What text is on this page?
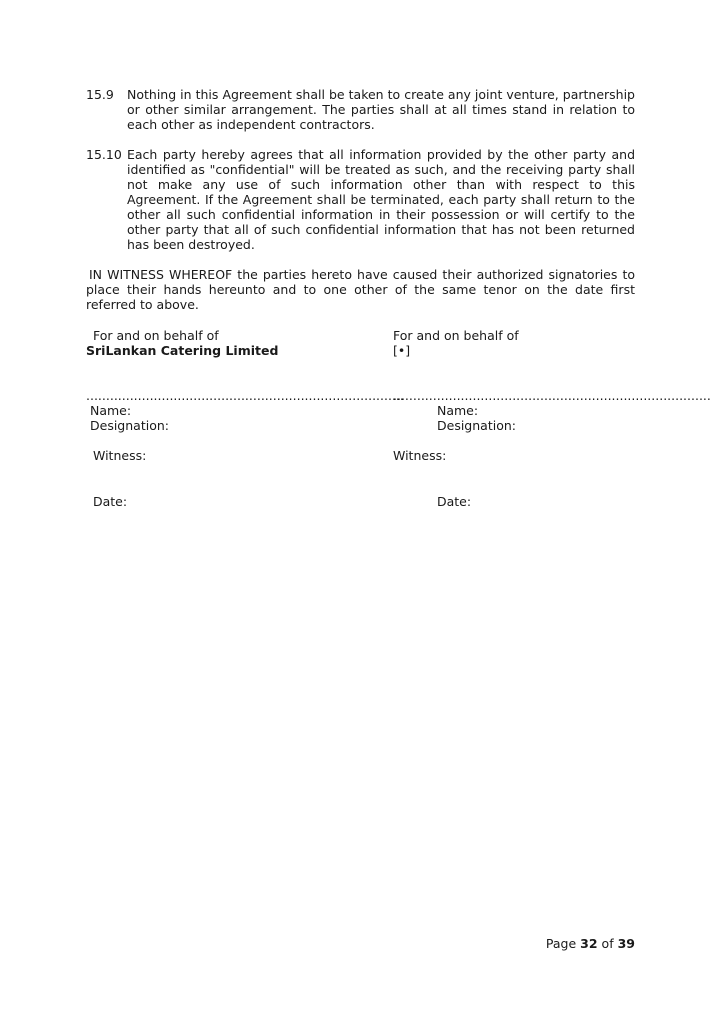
15.9	Nothing in this Agreement shall be taken to create any joint venture, partnership or other similar arrangement. The parties shall at all times stand in relation to each other as independent contractors.

15.10 Each party hereby agrees that all information provided by the other party and identified as "confidential" will be treated as such, and the receiving party shall not make any use of such information other than with respect to this Agreement. If the Agreement shall be terminated, each party shall return to the other all such confidential information in their possession or will certify to the other party that all of such confidential information that has not been returned has been destroyed.

IN WITNESS WHEREOF the parties hereto have caused their authorized signatories to place their hands hereunto and to one other of the same tenor on the date first referred to above.

For and on behalf of
SriLankan Catering Limited
................................................................................
Name:
Designation:
Witness:
Date:
For and on behalf of
[•]
................................................................................
Name:
Designation:
Witness:
Date:
Page 32 of 39
